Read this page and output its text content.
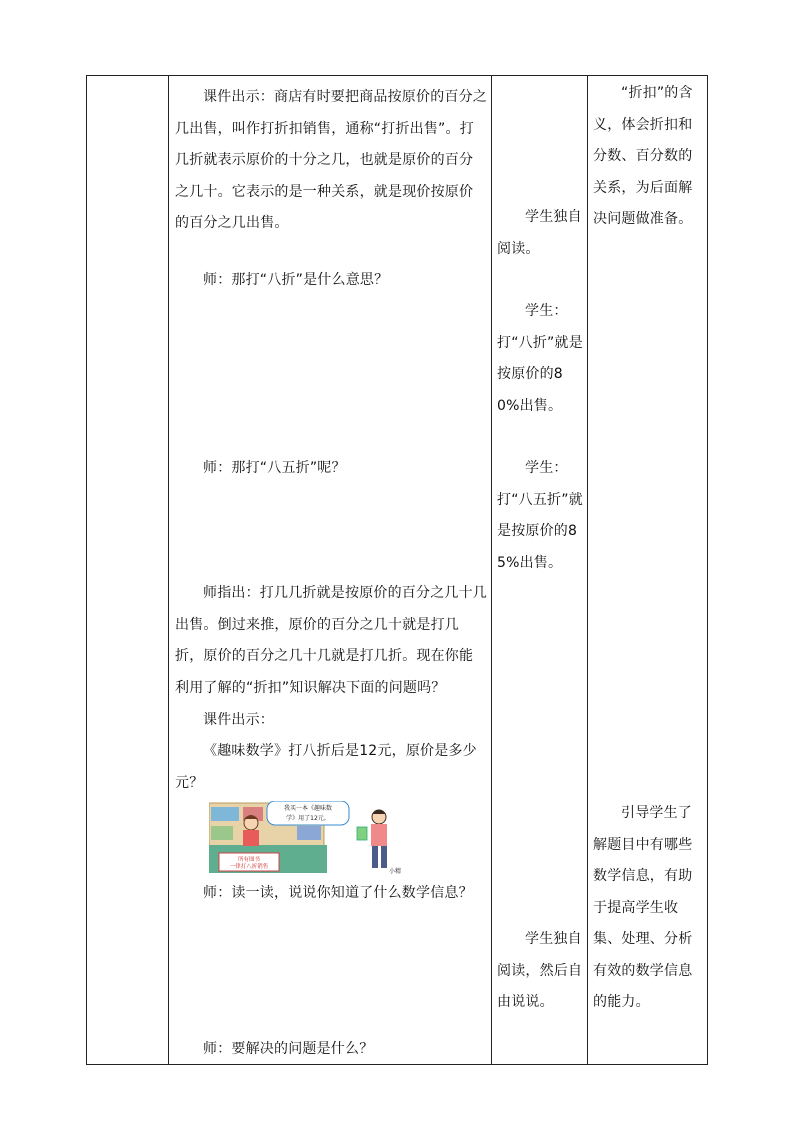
课件出示：商店有时要把商品按原价的百分之几出售，叫作打折扣销售，通称“打折出售”。打几折就表示原价的十分之几，也就是原价的百分之几十。它表示的是一种关系，就是现价按原价的百分之几出售。
师：那打“八折”是什么意思？
师：那打“八五折”呢？
师指出：打几几折就是按原价的百分之几十几出售。倒过来推，原价的百分之几十就是打几折，原价的百分之几十几就是打几折。现在你能利用了解的“折扣”知识解决下面的问题吗？
课件出示：
《趣味数学》打八折后是12元，原价是多少元？
所有图书
一律打八折销售
我买一本《趣味数
学》用了12元。
小精
师：读一读，说说你知道了什么数学信息？
师：要解决的问题是什么？
学生独自阅读。
学生：打“八折”就是按原价的80%出售。
学生：打“八五折”就是按原价的85%出售。
学生独自阅读，然后自由说说。
“折扣”的含义，体会折扣和分数、百分数的关系，为后面解决问题做准备。
引导学生了解题目中有哪些数学信息，有助于提高学生收集、处理、分析有效的数学信息的能力。
